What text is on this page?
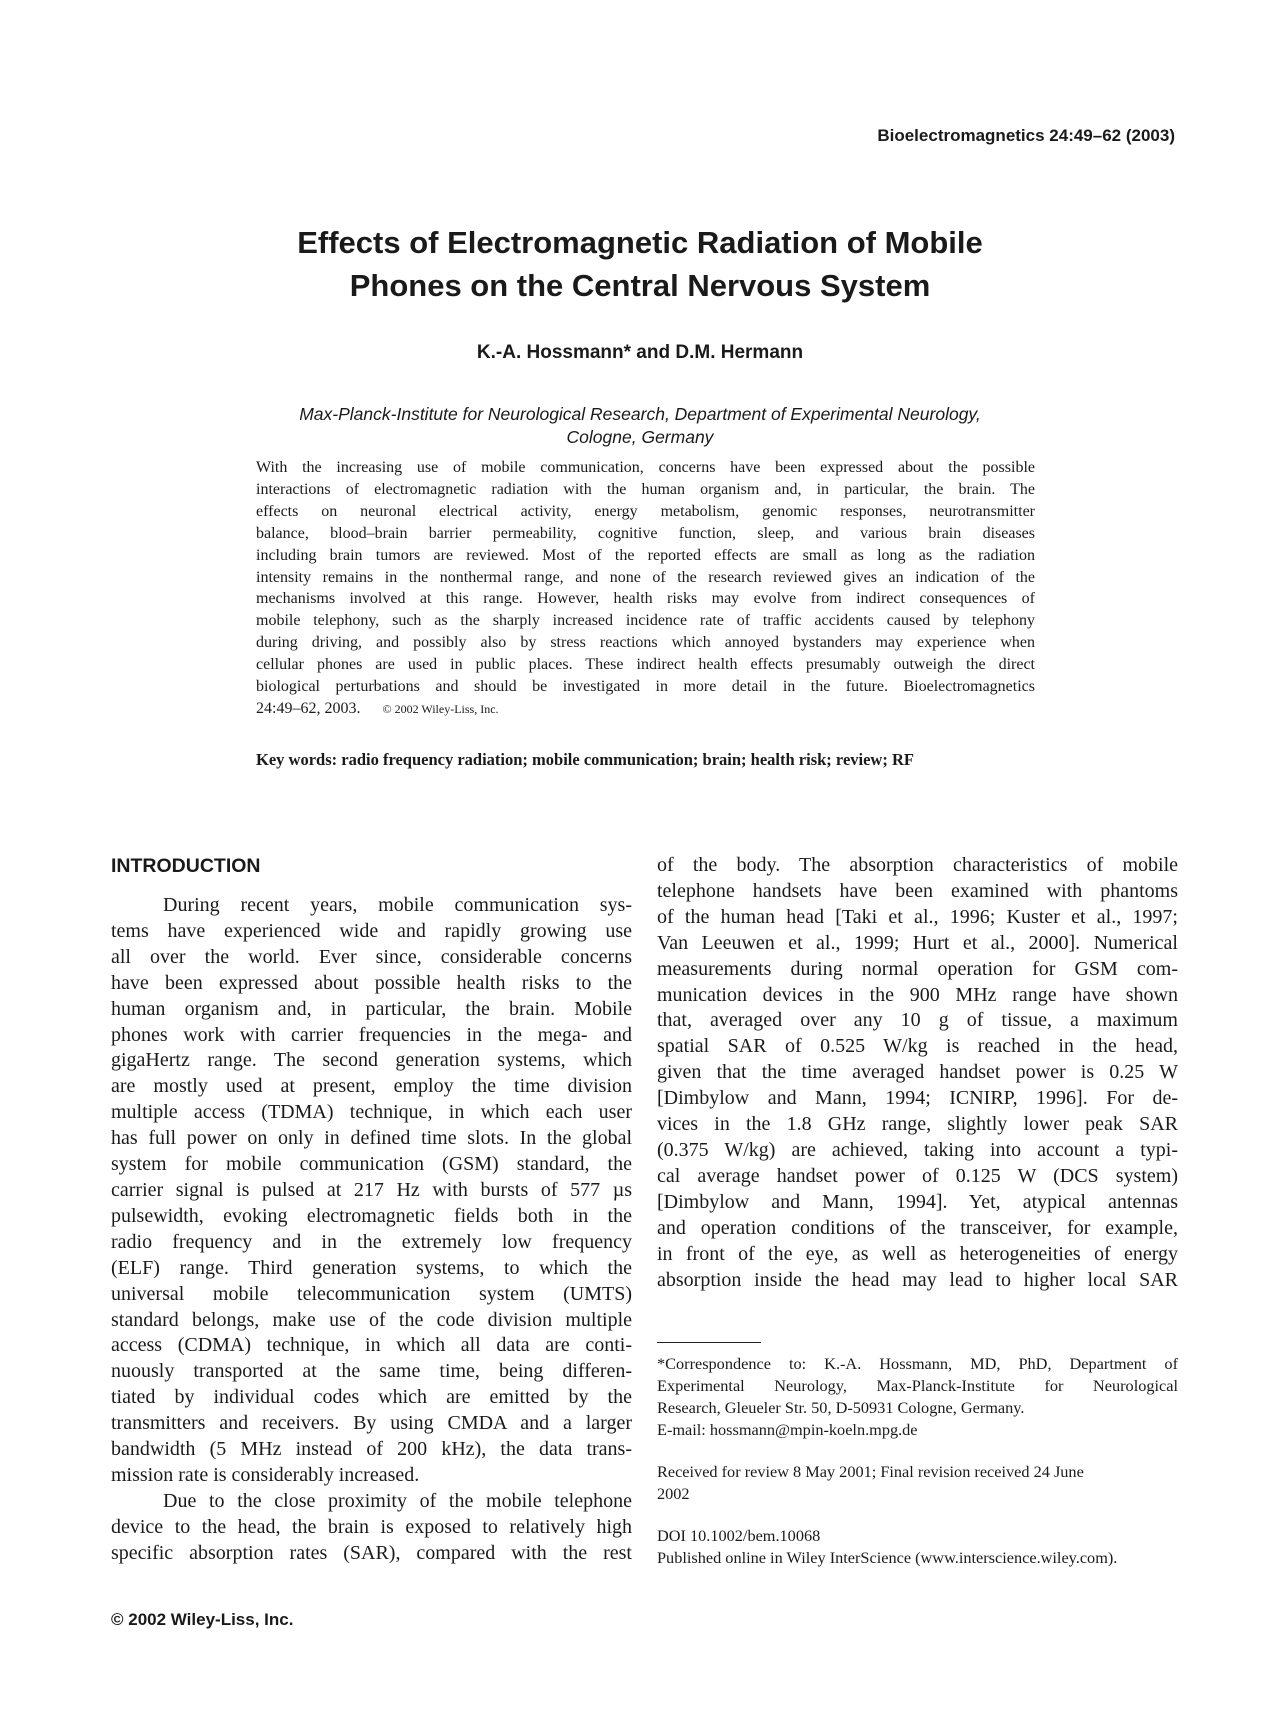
Bioelectromagnetics 24:49–62 (2003)
Effects of Electromagnetic Radiation of Mobile
Phones on the Central Nervous System
K.-A. Hossmann* and D.M. Hermann
Max-Planck-Institute for Neurological Research, Department of Experimental Neurology,
Cologne, Germany
With the increasing use of mobile communication, concerns have been expressed about the possible
interactions of electromagnetic radiation with the human organism and, in particular, the brain. The
effects on neuronal electrical activity, energy metabolism, genomic responses, neurotransmitter
balance, blood–brain barrier permeability, cognitive function, sleep, and various brain diseases
including brain tumors are reviewed. Most of the reported effects are small as long as the radiation
intensity remains in the nonthermal range, and none of the research reviewed gives an indication of the
mechanisms involved at this range. However, health risks may evolve from indirect consequences of
mobile telephony, such as the sharply increased incidence rate of traffic accidents caused by telephony
during driving, and possibly also by stress reactions which annoyed bystanders may experience when
cellular phones are used in public places. These indirect health effects presumably outweigh the direct
biological perturbations and should be investigated in more detail in the future. Bioelectromagnetics
24:49–62, 2003. © 2002 Wiley-Liss, Inc.
Key words: radio frequency radiation; mobile communication; brain; health risk; review; RF
INTRODUCTION
During recent years, mobile communication sys-
tems have experienced wide and rapidly growing use
all over the world. Ever since, considerable concerns
have been expressed about possible health risks to the
human organism and, in particular, the brain. Mobile
phones work with carrier frequencies in the mega- and
gigaHertz range. The second generation systems, which
are mostly used at present, employ the time division
multiple access (TDMA) technique, in which each user
has full power on only in defined time slots. In the global
system for mobile communication (GSM) standard, the
carrier signal is pulsed at 217 Hz with bursts of 577 µs
pulsewidth, evoking electromagnetic fields both in the
radio frequency and in the extremely low frequency
(ELF) range. Third generation systems, to which the
universal mobile telecommunication system (UMTS)
standard belongs, make use of the code division multiple
access (CDMA) technique, in which all data are conti-
nuously transported at the same time, being differen-
tiated by individual codes which are emitted by the
transmitters and receivers. By using CMDA and a larger
bandwidth (5 MHz instead of 200 kHz), the data trans-
mission rate is considerably increased.
Due to the close proximity of the mobile telephone
device to the head, the brain is exposed to relatively high
specific absorption rates (SAR), compared with the rest
of the body. The absorption characteristics of mobile
telephone handsets have been examined with phantoms
of the human head [Taki et al., 1996; Kuster et al., 1997;
Van Leeuwen et al., 1999; Hurt et al., 2000]. Numerical
measurements during normal operation for GSM com-
munication devices in the 900 MHz range have shown
that, averaged over any 10 g of tissue, a maximum
spatial SAR of 0.525 W/kg is reached in the head,
given that the time averaged handset power is 0.25 W
[Dimbylow and Mann, 1994; ICNIRP, 1996]. For de-
vices in the 1.8 GHz range, slightly lower peak SAR
(0.375 W/kg) are achieved, taking into account a typi-
cal average handset power of 0.125 W (DCS system)
[Dimbylow and Mann, 1994]. Yet, atypical antennas
and operation conditions of the transceiver, for example,
in front of the eye, as well as heterogeneities of energy
absorption inside the head may lead to higher local SAR
*Correspondence to: K.-A. Hossmann, MD, PhD, Department of
Experimental Neurology, Max-Planck-Institute for Neurological
Research, Gleueler Str. 50, D-50931 Cologne, Germany.
E-mail: hossmann@mpin-koeln.mpg.de
Received for review 8 May 2001; Final revision received 24 June
2002
DOI 10.1002/bem.10068
Published online in Wiley InterScience (www.interscience.wiley.com).
© 2002 Wiley-Liss, Inc.
